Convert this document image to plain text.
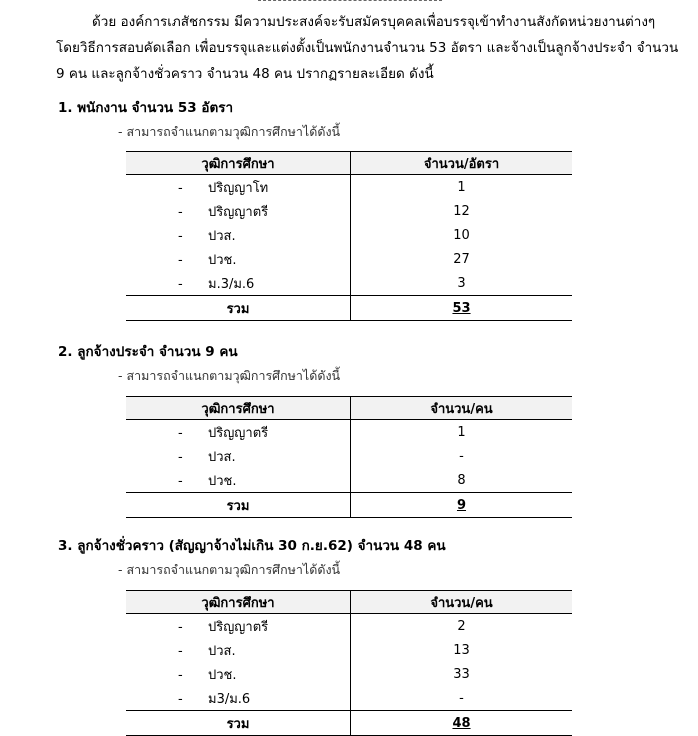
ด้วย องค์การเภสัชกรรม มีความประสงค์จะรับสมัครบุคคลเพื่อบรรจุเข้าทำงานสังกัดหน่วยงานต่างๆ
โดยวิธีการสอบคัดเลือก เพื่อบรรจุและแต่งตั้งเป็นพนักงานจำนวน 53 อัตรา และจ้างเป็นลูกจ้างประจำ จำนวน
9 คน และลูกจ้างชั่วคราว จำนวน 48 คน ปรากฏรายละเอียด ดังนี้
1. พนักงาน จำนวน 53 อัตรา
- สามารถจำแนกตามวุฒิการศึกษาได้ดังนี้
วุฒิการศึกษา	จำนวน/อัตรา
- ปริญญาโท	1
- ปริญญาตรี	12
- ปวส.	10
- ปวช.	27
- ม.3/ม.6	3
รวม	53
2. ลูกจ้างประจำ จำนวน 9 คน
- สามารถจำแนกตามวุฒิการศึกษาได้ดังนี้
วุฒิการศึกษา	จำนวน/คน
- ปริญญาตรี	1
- ปวส.	-
- ปวช.	8
รวม	9
3. ลูกจ้างชั่วคราว (สัญญาจ้างไม่เกิน 30 ก.ย.62) จำนวน 48 คน
- สามารถจำแนกตามวุฒิการศึกษาได้ดังนี้
วุฒิการศึกษา	จำนวน/คน
- ปริญญาตรี	2
- ปวส.	13
- ปวช.	33
- ม3/ม.6	-
รวม	48
